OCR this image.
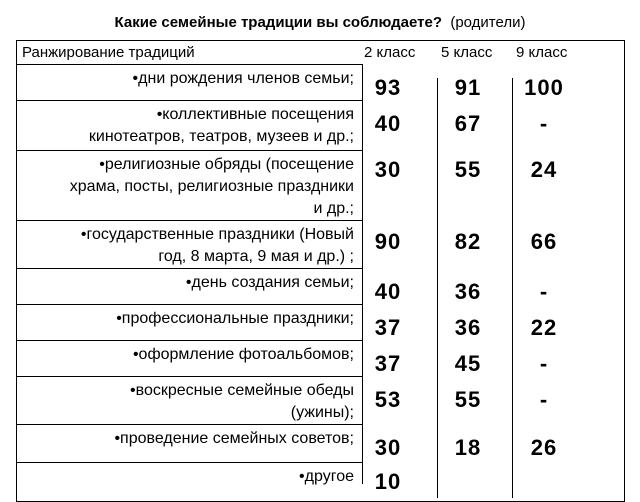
Какие семейные традиции вы соблюдаете? (родители)
Ранжирование традиций	2 класс 5 класс 9 класс
•дни рождения членов семьи; 93	91	100
•коллективные посещения
кинотеатров, театров, музеев и др.;
40	67	-
•религиозные обряды (посещение
храма, посты, религиозные праздники
и др.;
30	55	24
•государственные праздники (Новый
год, 8 марта, 9 мая и др.) ;
90	82	66
•день создания семьи; 40	36	-
•профессиональные праздники; 37	36	22
•оформление фотоальбомов; 37	45	-
•воскресные семейные обеды
(ужины);
53	55	-
•проведение семейных советов; 30	18	26
•другое 10
